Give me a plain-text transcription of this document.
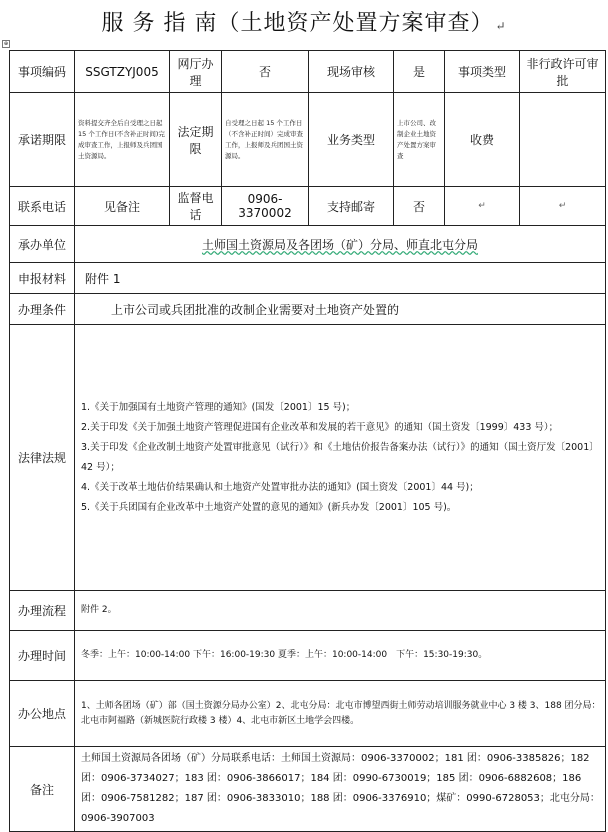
服 务 指 南（土地资产处置方案审查） ↵
⊕
事项编码	SSGTZYJ005	网厅办理	否	现场审核	是	事项类型	非行政许可审批
承诺期限	资料提交齐全后自受理之日起 15 个工作日(不含补正时间)完成审查工作，上报师及兵团国土资源局。	法定期限	自受理之日起 15 个工作日（不含补正时间）完成审查工作，上报师及兵团国土资源局。	业务类型	上市公司、改制企业土地资产处置方案审查	收费	
联系电话	见备注	监督电话	0906-3370002	支持邮寄	否	↵	↵
承办单位	土师国土资源局及各团场（矿）分局、师直北屯分局						
申报材料	附件 1						
办理条件	上市公司或兵团批准的改制企业需要对土地资产处置的						
法律法规	1.《关于加强国有土地资产管理的通知》(国发〔2001〕15 号)；

2.关于印发《关于加强土地资产管理促进国有企业改革和发展的若干意见》的通知（国土资发〔1999〕433 号）；

3.关于印发《企业改制土地资产处置审批意见（试行）》和《土地估价报告备案办法（试行）》的通知（国土资厅发〔2001〕42 号）；

4.《关于改革土地估价结果确认和土地资产处置审批办法的通知》(国土资发〔2001〕44 号)；

5.《关于兵团国有企业改革中土地资产处置的意见的通知》(新兵办发〔2001〕105 号)。						

办理流程	附件 2。						
办理时间	冬季：上午：10:00-14:00 下午：16:00-19:30 夏季：上午：10:00-14:00　下午：15:30-19:30。						
办公地点	1、土师各团场（矿）部（国土资源分局办公室）2、北屯分局：北屯市博望西街土师劳动培训服务就业中心 3 楼 3、188 团分局：北屯市阿福路（新城医院行政楼 3 楼）4、北屯市新区土地学会四楼。						
备注	土师国土资源局各团场（矿）分局联系电话：土师国土资源局：0906-3370002；181 团：0906-3385826；182 团：0906-3734027；183 团：0906-3866017；184 团：0990-6730019；185 团：0906-6882608；186 团：0906-7581282；187 团：0906-3833010；188 团：0906-3376910；煤矿：0990-6728053；北屯分局：0906-3907003						
